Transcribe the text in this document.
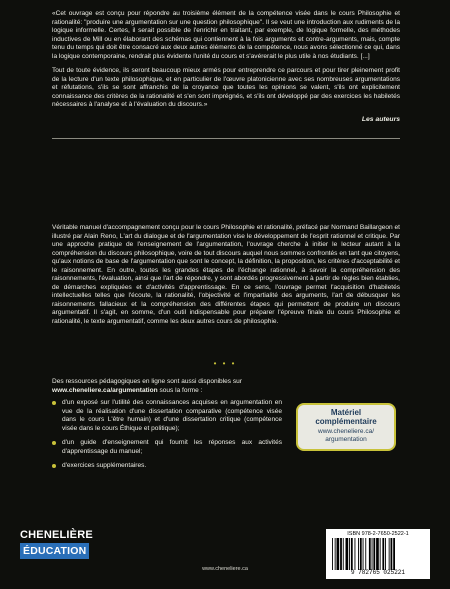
«Cet ouvrage est conçu pour répondre au troisième élément de la compétence visée dans le cours Philosophie et rationalité: "produire une argumentation sur une question philosophique". Il se veut une introduction aux rudiments de la logique informelle. Certes, il serait possible de l'enrichir en traitant, par exemple, de logique formelle, des méthodes inductives de Mill ou en élaborant des schémas qui contiennent à la fois arguments et contre-arguments, mais, compte tenu du temps qui doit être consacré aux deux autres éléments de la compétence, nous avons sélectionné ce qui, dans la logique contemporaine, rendrait plus évidente l'unité du cours et s'avérerait le plus utile à nos étudiants. [...]

Tout de toute évidence, ils seront beaucoup mieux armés pour entreprendre ce parcours et pour tirer pleinement profit de la lecture d'un texte philosophique, et en particulier de l'œuvre platonicienne avec ses nombreuses argumentations et réfutations, s'ils se sont affranchis de la croyance que toutes les opinions se valent, s'ils ont explicitement connaissance des critères de la rationalité et s'en sont imprégnés, et s'ils ont développé par des exercices les habiletés nécessaires à l'analyse et à l'évaluation du discours.»

Les auteurs

Véritable manuel d'accompagnement conçu pour le cours Philosophie et rationalité, préfacé par Normand Baillargeon et illustré par Alain Reno, L'art du dialogue et de l'argumentation vise le développement de l'esprit rationnel et critique. Par une approche pratique de l'enseignement de l'argumentation, l'ouvrage cherche à initier le lecteur autant à la compréhension du discours philosophique, voire de tout discours auquel nous sommes confrontés en tant que citoyens, qu'aux notions de base de l'argumentation que sont le concept, la définition, la proposition, les critères d'acceptabilité et le raisonnement. En outre, toutes les grandes étapes de l'échange rationnel, à savoir la compréhension des raisonnements, l'évaluation, ainsi que l'art de répondre, y sont abordés progressivement à partir de règles bien établies, de démarches expliquées et d'activités d'apprentissage. En ce sens, l'ouvrage permet l'acquisition d'habiletés intellectuelles telles que l'écoute, la rationalité, l'objectivité et l'impartialité des arguments, l'art de débusquer les raisonnements fallacieux et la compréhension des différentes étapes qui permettent de produire un discours argumentatif. Il s'agit, en somme, d'un outil indispensable pour préparer l'épreuve finale du cours Philosophie et rationalité, le texte argumentatif, comme les deux autres cours de philosophie.

• • •
Des ressources pédagogiques en ligne sont aussi disponibles sur
www.cheneliere.ca/argumentation sous la forme :
d'un exposé sur l'utilité des connaissances acquises en argumentation en vue de la réalisation d'une dissertation comparative (compétence visée dans le cours L'être humain) et d'une dissertation critique (compétence visée dans le cours Éthique et politique);
d'un guide d'enseignement qui fournit les réponses aux activités d'apprentissage du manuel;
d'exercices supplémentaires.
Matériel
complémentaire
www.cheneliere.ca/
argumentation
CHENELIÈRE
ÉDUCATION
www.cheneliere.ca
ISBN 978-2-7650-2522-1
9 782765 025221
